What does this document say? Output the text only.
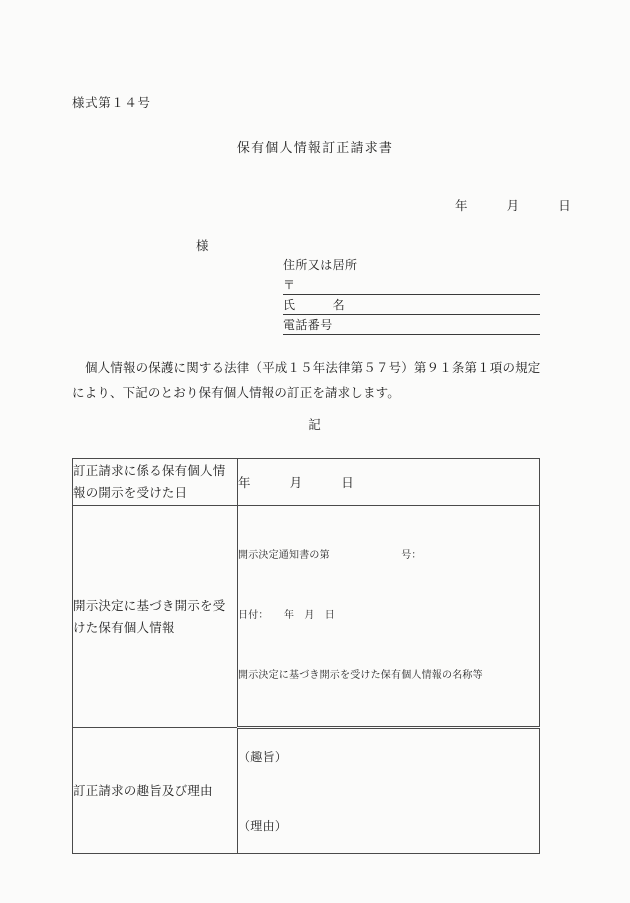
様式第１４号
保有個人情報訂正請求書
年　　　月　　　日
様
住所又は居所
〒
氏　　　名
電話番号
個人情報の保護に関する法律（平成１５年法律第５７号）第９１条第１項の規定により、下記のとおり保有個人情報の訂正を請求します。
記
訂正請求に係る保有個人情報の開示を受けた日	年　　　月　　　日
開示決定に基づき開示を受けた保有個人情報	開示決定通知書の第　　　　　　　号：

日付：　　年　月　日

開示決定に基づき開示を受けた保有個人情報の名称等

訂正請求の趣旨及び理由	（趣旨）

（理由）
